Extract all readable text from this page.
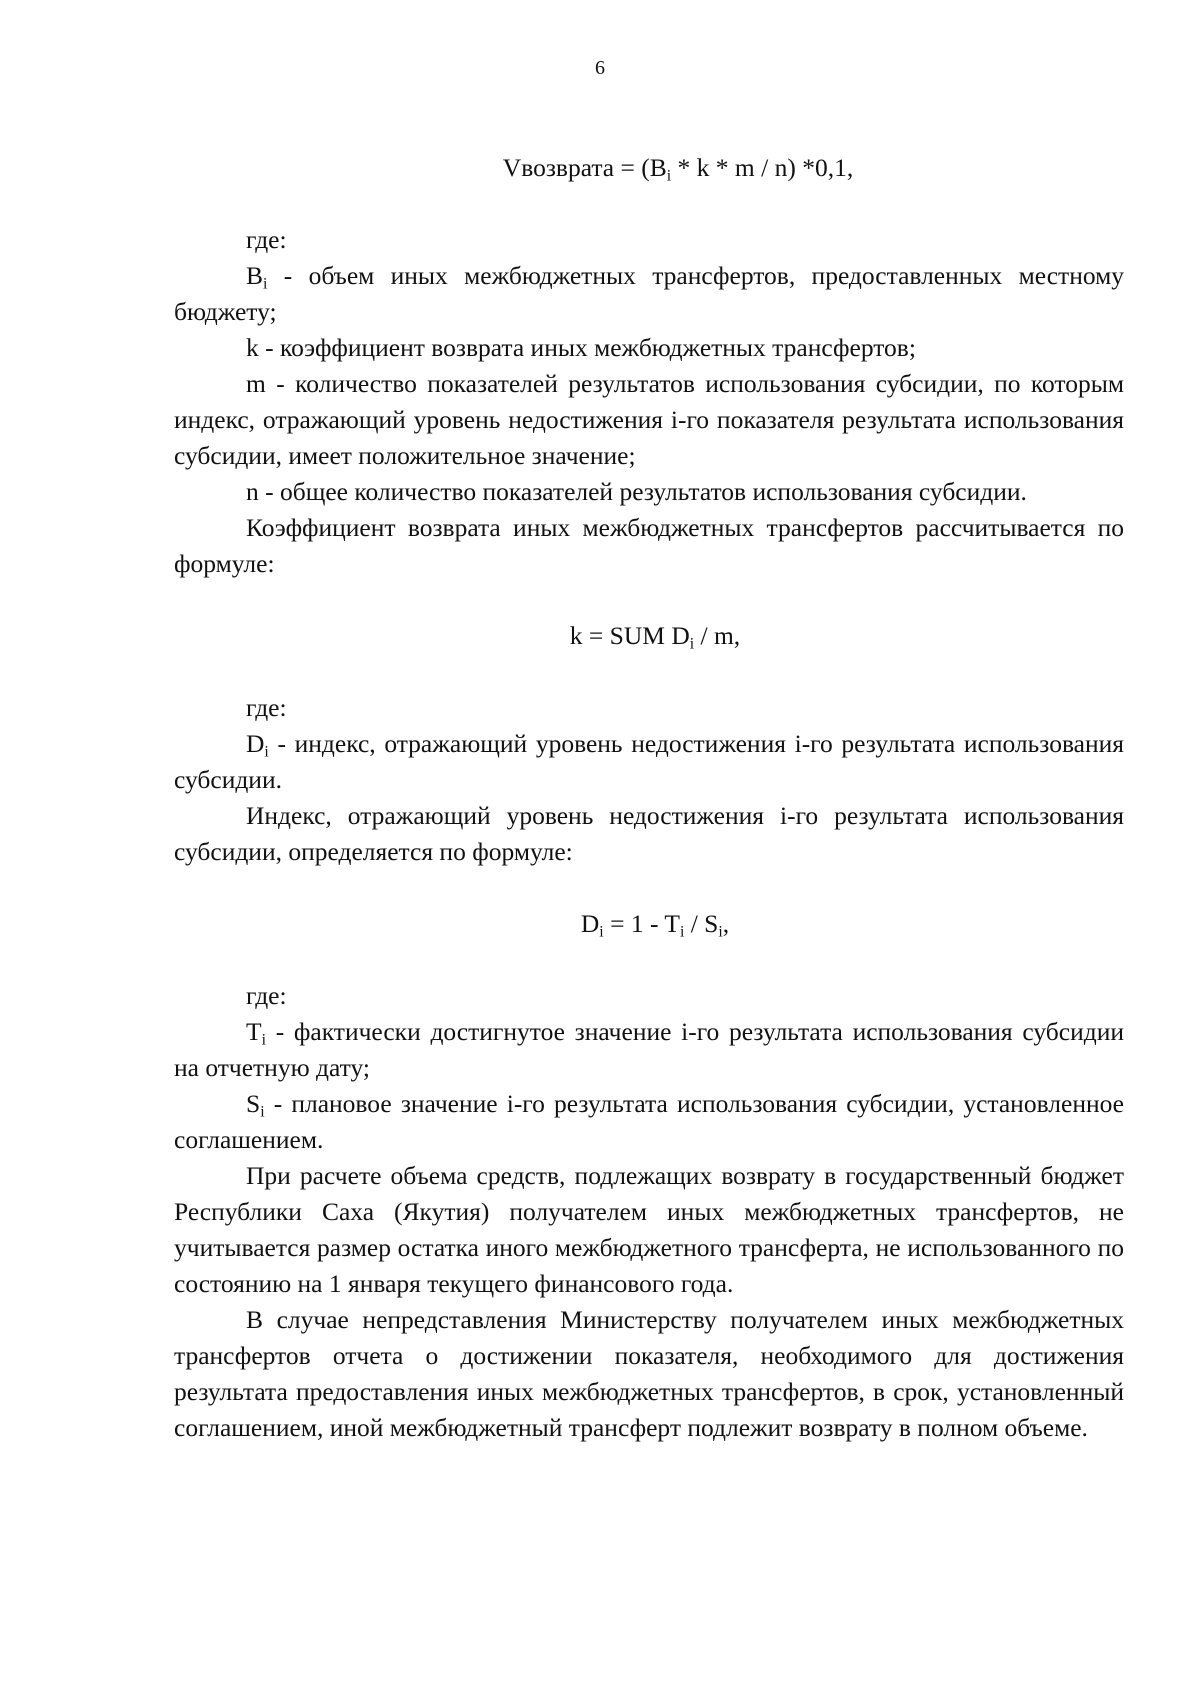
6

Vвозврата = ($B_i$ * k * m / n) *0,1,

где:

$B_i$ - объем иных межбюджетных трансфертов, предоставленных местному бюджету;

k - коэффициент возврата иных межбюджетных трансфертов;

m - количество показателей результатов использования субсидии, по которым индекс, отражающий уровень недостижения i-го показателя результата использования субсидии, имеет положительное значение;

n - общее количество показателей результатов использования субсидии.

Коэффициент возврата иных межбюджетных трансфертов рассчитывается по формуле:

k = SUM $D_i$ / m,

где:

$D_i$ - индекс, отражающий уровень недостижения i-го результата использования субсидии.

Индекс, отражающий уровень недостижения i-го результата использования субсидии, определяется по формуле:

$D_i = 1 - T_i / S_i$,

где:

$T_i$ - фактически достигнутое значение i-го результата использования субсидии на отчетную дату;

$S_i$ - плановое значение i-го результата использования субсидии, установленное соглашением.

При расчете объема средств, подлежащих возврату в государственный бюджет Республики Саха (Якутия) получателем иных межбюджетных трансфертов, не учитывается размер остатка иного межбюджетного трансферта, не использованного по состоянию на 1 января текущего финансового года.

В случае непредставления Министерству получателем иных межбюджетных трансфертов отчета о достижении показателя, необходимого для достижения результата предоставления иных межбюджетных трансфертов, в срок, установленный соглашением, иной межбюджетный трансферт подлежит возврату в полном объеме.
